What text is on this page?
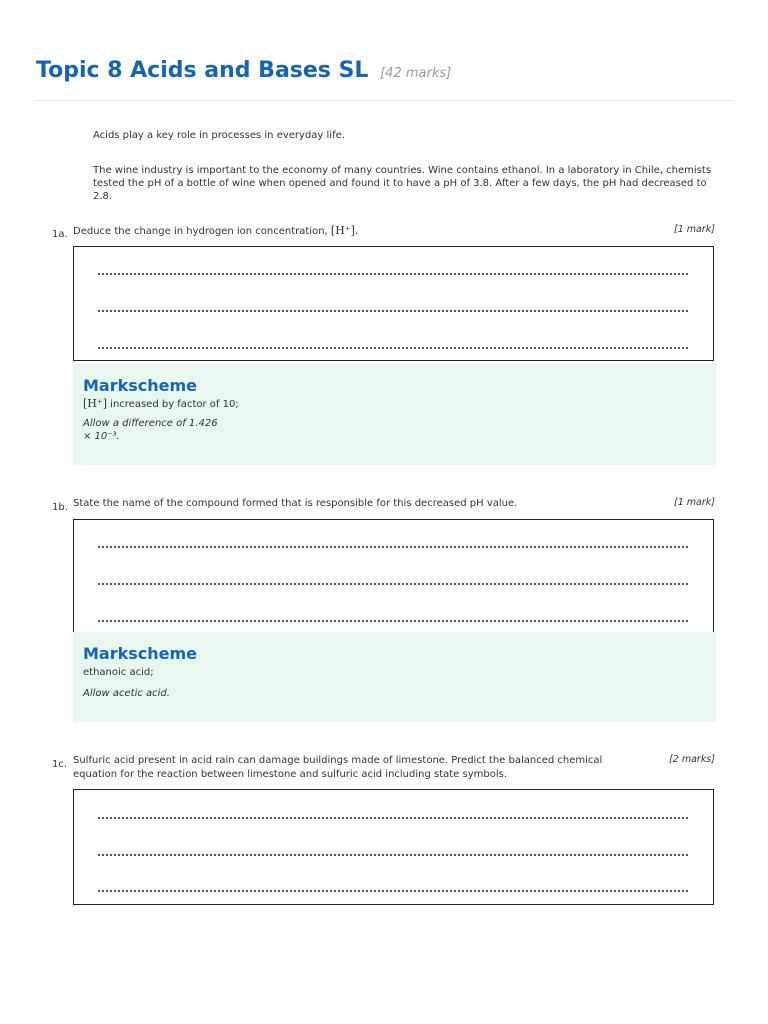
Topic 8 Acids and Bases SL [42 marks]

Acids play a key role in processes in everyday life.

The wine industry is important to the economy of many countries. Wine contains ethanol. In a laboratory in Chile, chemists tested the pH of a bottle of wine when opened and found it to have a pH of 3.8. After a few days, the pH had decreased to 2.8.

1a. Deduce the change in hydrogen ion concentration, [H⁺].	[1 mark]
Markscheme

[H⁺] increased by factor of 10;

Allow a difference of 1.426

× 10⁻³.

1b. State the name of the compound formed that is responsible for this decreased pH value.	[1 mark]
Markscheme

ethanoic acid;

Allow acetic acid.

1c. Sulfuric acid present in acid rain can damage buildings made of limestone. Predict the balanced chemical
equation for the reaction between limestone and sulfuric acid including state symbols.

[2 marks]
